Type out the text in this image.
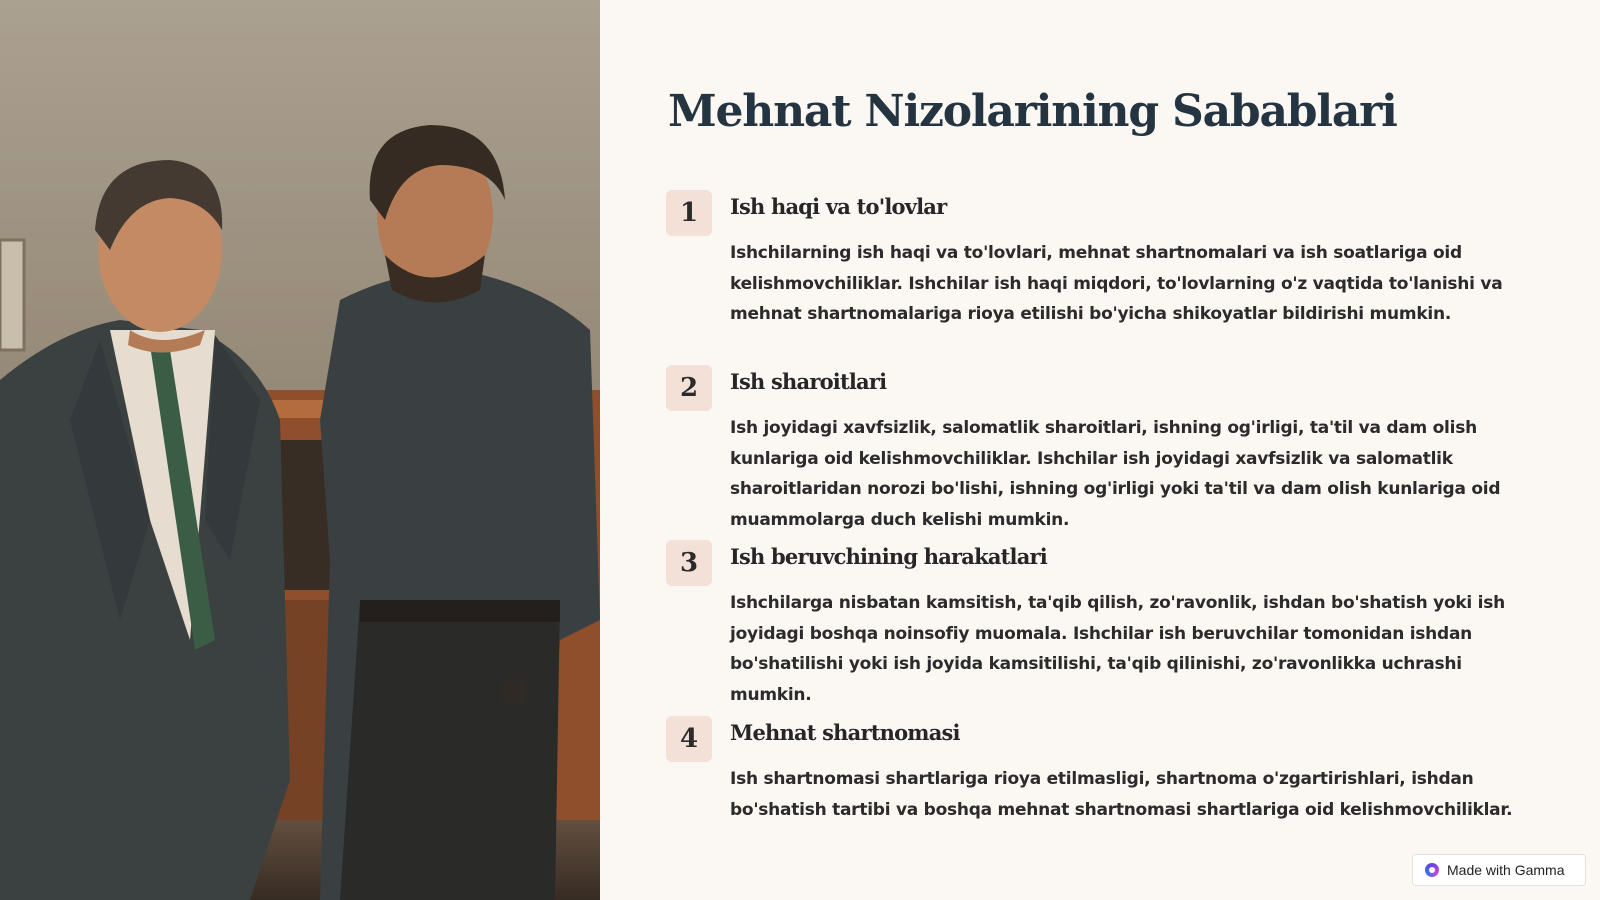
Mehnat Nizolarining Sabablari
1	Ish haqi va to'lovlar

Ishchilarning ish haqi va to'lovlari, mehnat shartnomalari va ish soatlariga oid kelishmovchiliklar. Ishchilar ish haqi miqdori, to'lovlarning o'z vaqtida to'lanishi va mehnat shartnomalariga rioya etilishi bo'yicha shikoyatlar bildirishi mumkin.

2	Ish sharoitlari

Ish joyidagi xavfsizlik, salomatlik sharoitlari, ishning og'irligi, ta'til va dam olish kunlariga oid kelishmovchiliklar. Ishchilar ish joyidagi xavfsizlik va salomatlik sharoitlaridan norozi bo'lishi, ishning og'irligi yoki ta'til va dam olish kunlariga oid muammolarga duch kelishi mumkin.

3	Ish beruvchining harakatlari

Ishchilarga nisbatan kamsitish, ta'qib qilish, zo'ravonlik, ishdan bo'shatish yoki ish joyidagi boshqa noinsofiy muomala. Ishchilar ish beruvchilar tomonidan ishdan bo'shatilishi yoki ish joyida kamsitilishi, ta'qib qilinishi, zo'ravonlikka uchrashi mumkin.

4	Mehnat shartnomasi

Ish shartnomasi shartlariga rioya etilmasligi, shartnoma o'zgartirishlari, ishdan bo'shatish tartibi va boshqa mehnat shartnomasi shartlariga oid kelishmovchiliklar.

Made with Gamma
